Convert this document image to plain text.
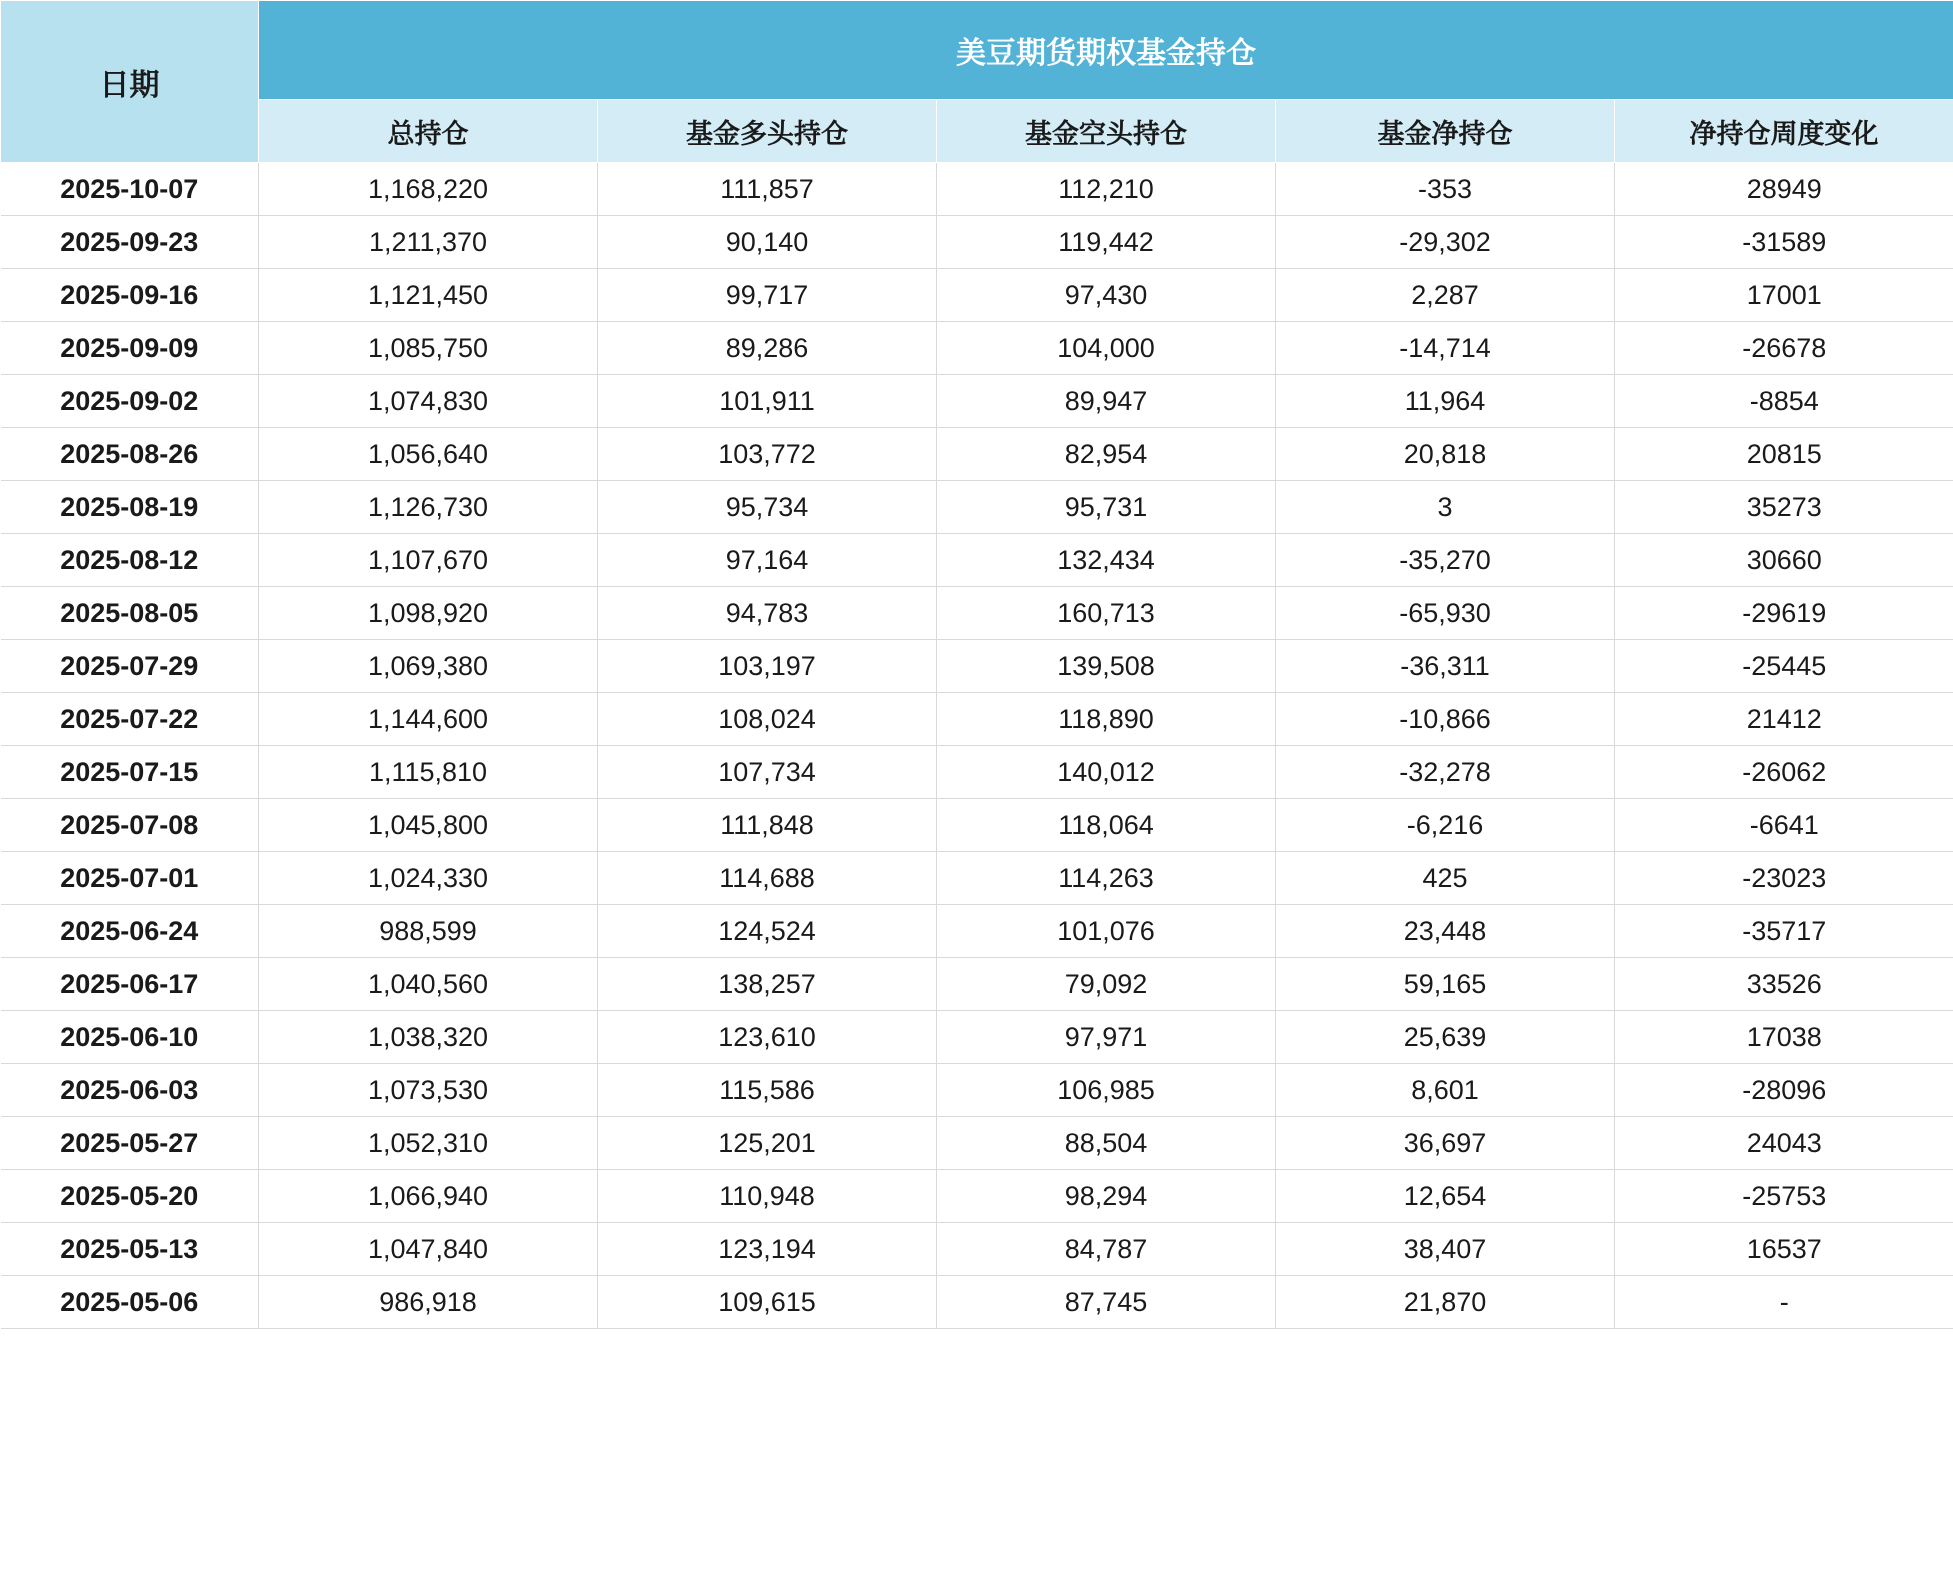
日期	美豆期货期权基金持仓				
	总持仓	基金多头持仓	基金空头持仓	基金净持仓	净持仓周度变化
2025-10-07	1,168,220	111,857	112,210	-353	28949
2025-09-23	1,211,370	90,140	119,442	-29,302	-31589
2025-09-16	1,121,450	99,717	97,430	2,287	17001
2025-09-09	1,085,750	89,286	104,000	-14,714	-26678
2025-09-02	1,074,830	101,911	89,947	11,964	-8854
2025-08-26	1,056,640	103,772	82,954	20,818	20815
2025-08-19	1,126,730	95,734	95,731	3	35273
2025-08-12	1,107,670	97,164	132,434	-35,270	30660
2025-08-05	1,098,920	94,783	160,713	-65,930	-29619
2025-07-29	1,069,380	103,197	139,508	-36,311	-25445
2025-07-22	1,144,600	108,024	118,890	-10,866	21412
2025-07-15	1,115,810	107,734	140,012	-32,278	-26062
2025-07-08	1,045,800	111,848	118,064	-6,216	-6641
2025-07-01	1,024,330	114,688	114,263	425	-23023
2025-06-24	988,599	124,524	101,076	23,448	-35717
2025-06-17	1,040,560	138,257	79,092	59,165	33526
2025-06-10	1,038,320	123,610	97,971	25,639	17038
2025-06-03	1,073,530	115,586	106,985	8,601	-28096
2025-05-27	1,052,310	125,201	88,504	36,697	24043
2025-05-20	1,066,940	110,948	98,294	12,654	-25753
2025-05-13	1,047,840	123,194	84,787	38,407	16537
2025-05-06	986,918	109,615	87,745	21,870	-
